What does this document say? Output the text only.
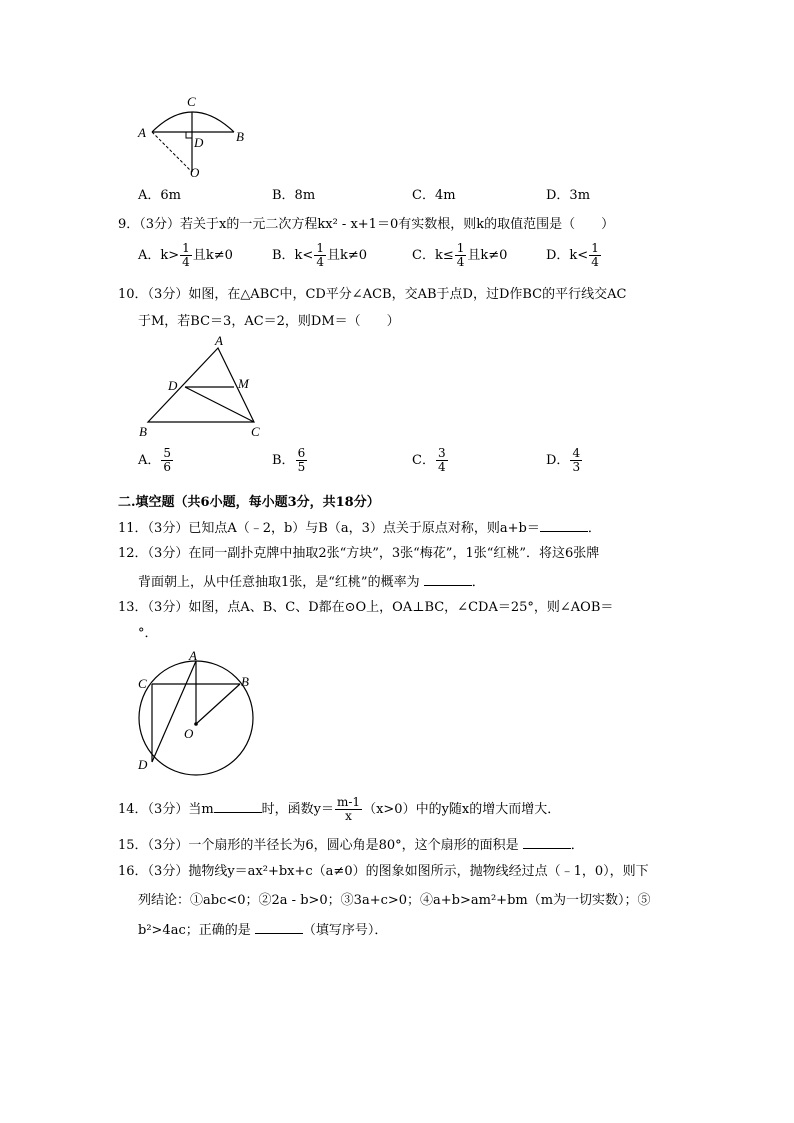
C
A	B
D
O
A．6m	B．8m	C．4m	D．3m
9．（3分）若关于x的一元二次方程kx² - x+1＝0有实数根，则k的取值范围是（　　）
A．$k> \frac{1}{4}$ 且k≠0	B．$k< \frac{1}{4}$ 且k≠0	C．$k\le \frac{1}{4}$ 且k≠0	D．$k< \frac{1}{4}$
10．（3分）如图，在△ABC中，CD平分∠ACB，交AB于点D，过D作BC的平行线交AC
于M，若BC＝3，AC＝2，则DM＝（　　）
A
D	M
B	C
A． $\frac{5}{6}$	B． $\frac{6}{5}$	C． $\frac{3}{4}$	D． $\frac{4}{3}$
二.填空题（共6小题，每小题3分，共18分）
11．（3分）已知点A（﹣2，b）与B（a，3）点关于原点对称，则a+b＝	．
12．（3分）在同一副扑克牌中抽取2张“方块”，3张“梅花”，1张“红桃”．将这6张牌
背面朝上，从中任意抽取1张，是“红桃”的概率为	．
13．（3分）如图，点A、B、C、D都在⊙O上，OA⊥BC，∠CDA＝25°，则∠AOB＝
°．
A
B
C
D
O
14．（3分）当m	时，函数$y= \frac{m-1}{x} (x>0)$中的y随x的增大而增大．
15．（3分）一个扇形的半径长为6，圆心角是80°，这个扇形的面积是	．
16．（3分）抛物线y＝ax²+bx+c（a≠0）的图象如图所示，抛物线经过点（﹣1，0），则下
列结论：①abc<0；②2a - b>0；③3a+c>0；④a+b>am²+bm（m为一切实数）；⑤
b²>4ac；正确的是	（填写序号）．
